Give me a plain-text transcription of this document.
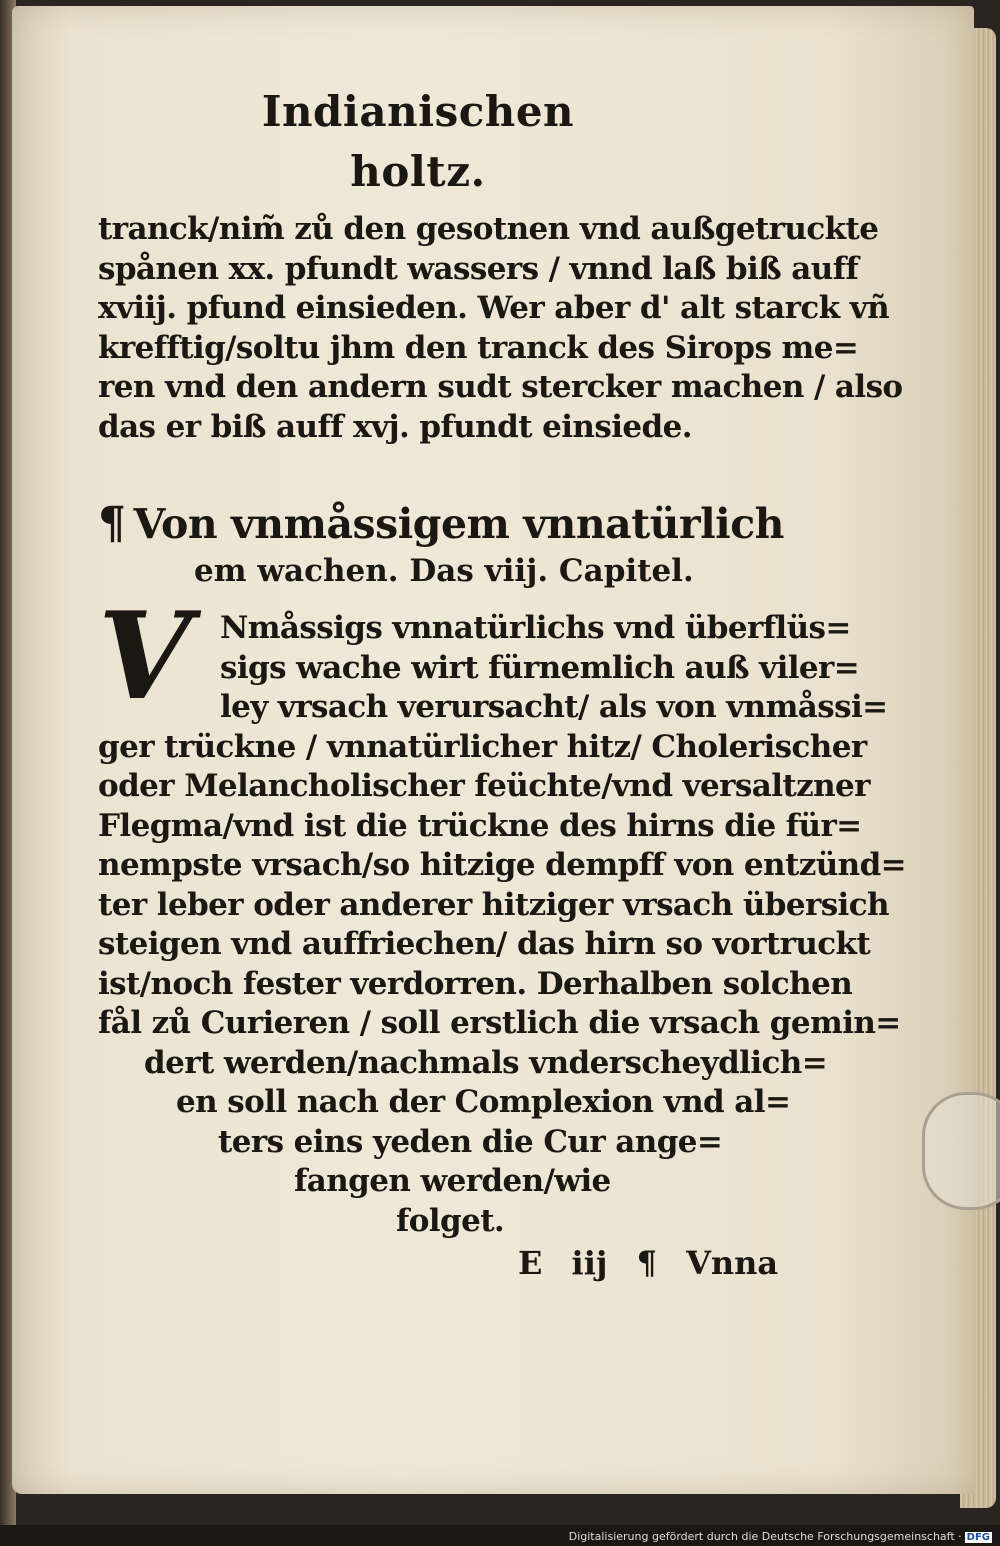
Indianischen holtz.
tranck/nim̃ zů den gesotnen vnd außgetruckte
spånen xx. pfundt wassers / vnnd laß biß auff
xviij. pfund einsieden. Wer aber d' alt starck vñ
krefftig/soltu jhm den tranck des Sirops me=
ren vnd den andern sudt stercker machen / also
das er biß auff xvj. pfundt einsiede.
¶ Von vnmåssigem vnnatürlich
em wachen. Das viij. Capitel.
V Nmåssigs vnnatürlichs vnd überflüs=
sigs wache wirt fürnemlich auß viler=
ley vrsach verursacht/ als von vnmåssi=
ger trückne / vnnatürlicher hitz/ Cholerischer
oder Melancholischer feüchte/vnd versaltzner
Flegma/vnd ist die trückne des hirns die für=
nempste vrsach/so hitzige dempff von entzünd=
ter leber oder anderer hitziger vrsach übersich
steigen vnd auffriechen/ das hirn so vortruckt
ist/noch fester verdorren. Derhalben solchen
fål zů Curieren / soll erstlich die vrsach gemin=
dert werden/nachmals vnderscheydlich=
en soll nach der Complexion vnd al=
ters eins yeden die Cur ange=
fangen werden/wie
folget.
E iij ¶ Vnna
Digitalisierung gefördert durch die Deutsche Forschungsgemeinschaft · DFG
